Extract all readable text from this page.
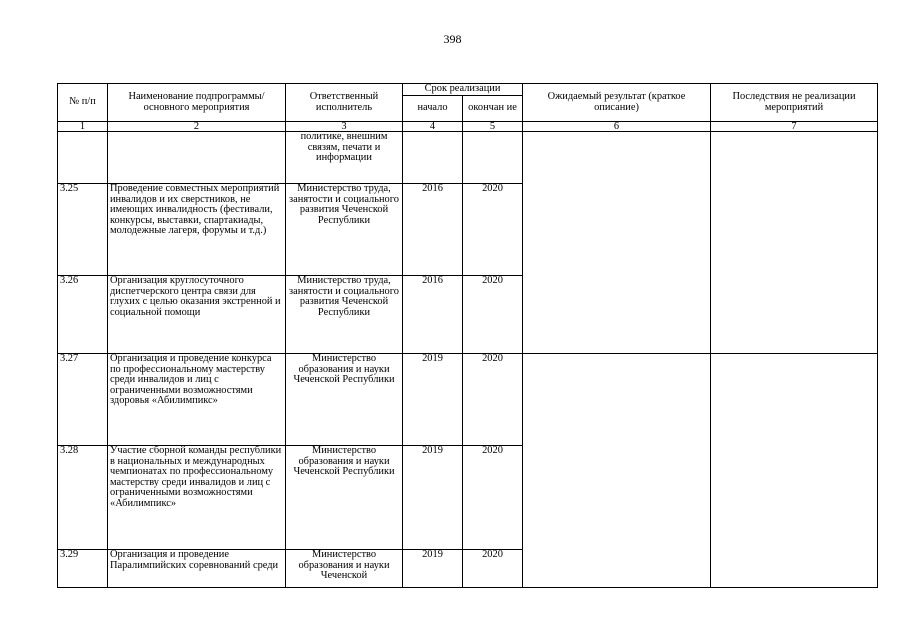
398
№ п/п	Наименование подпрограммы/ основного мероприятия	Ответственный исполнитель	Срок реализации		Ожидаемый результат (краткое описание)	Последствия не реализации мероприятий
			начало	окончан ие		
1	2	3	4	5	6	7
		политике, внешним связям, печати и информации				
3.25	Проведение совместных мероприятий инвалидов и их сверстников, не имеющих инвалидность (фестивали, конкурсы, выставки, спартакиады, молодежные лагеря, форумы и т.д.)	Министерство труда, занятости и социального развития Чеченской Республики	2016	2020		
3.26	Организация круглосуточного диспетчерского центра связи для глухих с целью оказания экстренной и социальной помощи	Министерство труда, занятости и социального развития Чеченской Республики	2016	2020		
3.27	Организация и проведение конкурса по профессиональному мастерству среди инвалидов и лиц с ограниченными возможностями здоровья «Абилимпикс»	Министерство образования и науки Чеченской Республики	2019	2020		
3.28	Участие сборной команды республики в национальных и международных чемпионатах по профессиональному мастерству среди инвалидов и лиц с ограниченными возможностями «Абилимпикс»	Министерство образования и науки Чеченской Республики	2019	2020		
3.29	Организация и проведение Паралимпийских соревнований среди	Министерство образования и науки Чеченской	2019	2020		
